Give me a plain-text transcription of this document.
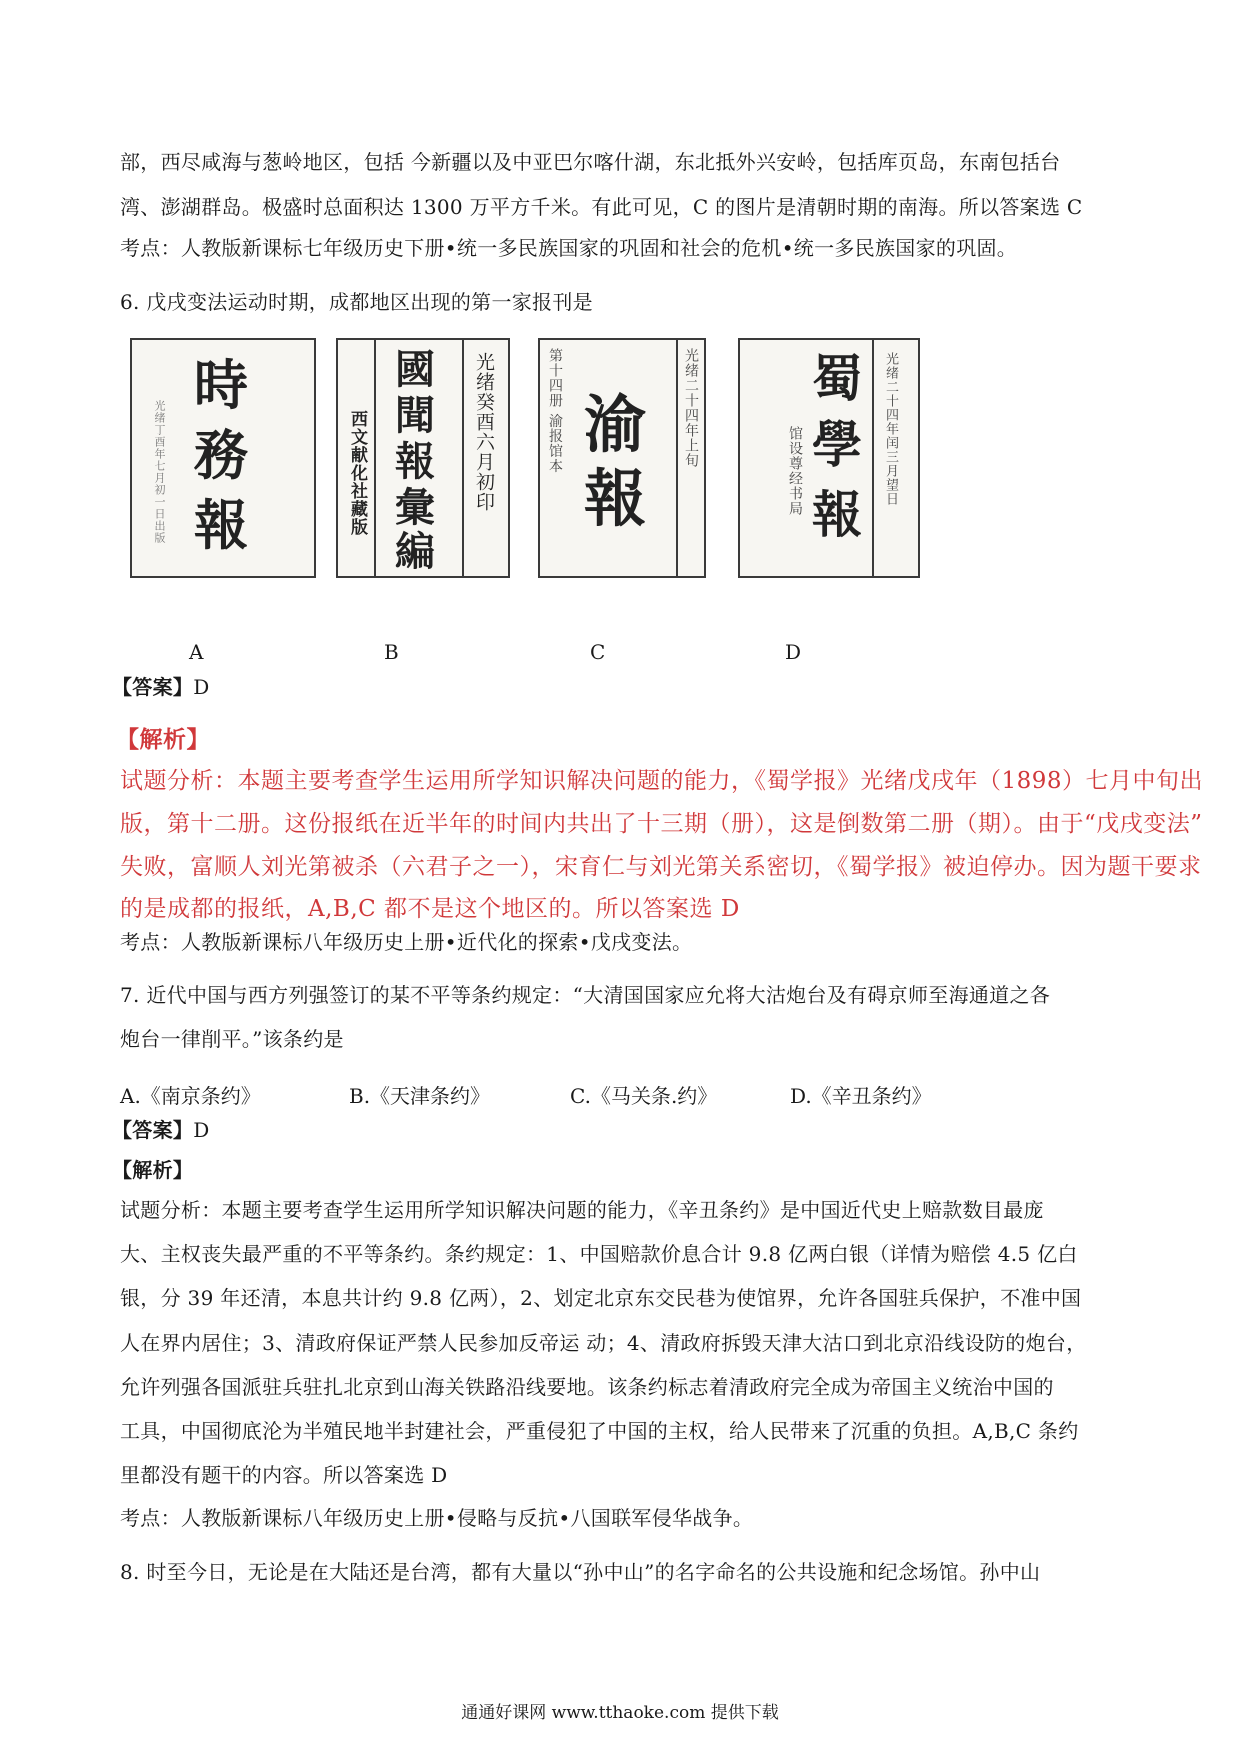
部，西尽咸海与葱岭地区，包括 今新疆以及中亚巴尔喀什湖，东北抵外兴安岭，包括库页岛，东南包括台
湾、澎湖群岛。极盛时总面积达 1300 万平方千米。有此可见，C 的图片是清朝时期的南海。所以答案选 C
考点：人教版新课标七年级历史下册•统一多民族国家的巩固和社会的危机•统一多民族国家的巩固。
6. 戊戌变法运动时期，成都地区出现的第一家报刊是
時
務
報
光绪丁酉年七月初一日出版	西文献化社藏版
國
聞
報
彙
編
光绪癸酉六月初印	第十四册 渝报馆本 渝
報
光绪二十四年上旬 蜀
學
報
馆设尊经书局	光绪二十四年闰三月望日
A	B	C	D
【答案】D
【解析】
试题分析：本题主要考查学生运用所学知识解决问题的能力，《蜀学报》光绪戊戌年（1898）七月中旬出
版，第十二册。这份报纸在近半年的时间内共出了十三期（册），这是倒数第二册（期）。由于“戊戌变法”
失败，富顺人刘光第被杀（六君子之一），宋育仁与刘光第关系密切，《蜀学报》被迫停办。因为题干要求
的是成都的报纸，A,B,C 都不是这个地区的。所以答案选 D
考点：人教版新课标八年级历史上册•近代化的探索•戊戌变法。
7. 近代中国与西方列强签订的某不平等条约规定：“大清国国家应允将大沽炮台及有碍京师至海通道之各
炮台一律削平。”该条约是
A.《南京条约》	B.《天津条约》	C.《马关条.约》	D.《辛丑条约》
【答案】D
【解析】
试题分析：本题主要考查学生运用所学知识解决问题的能力，《辛丑条约》是中国近代史上赔款数目最庞
大、主权丧失最严重的不平等条约。条约规定：1、中国赔款价息合计 9.8 亿两白银（详情为赔偿 4.5 亿白
银，分 39 年还清，本息共计约 9.8 亿两），2、划定北京东交民巷为使馆界，允许各国驻兵保护，不准中国
人在界内居住；3、清政府保证严禁人民参加反帝运 动；4、清政府拆毁天津大沽口到北京沿线设防的炮台，
允许列强各国派驻兵驻扎北京到山海关铁路沿线要地。该条约标志着清政府完全成为帝国主义统治中国的
工具，中国彻底沦为半殖民地半封建社会，严重侵犯了中国的主权，给人民带来了沉重的负担。A,B,C 条约
里都没有题干的内容。所以答案选 D
考点：人教版新课标八年级历史上册•侵略与反抗•八国联军侵华战争。
8. 时至今日，无论是在大陆还是台湾，都有大量以“孙中山”的名字命名的公共设施和纪念场馆。孙中山
通通好课网 www.tthaoke.com 提供下载
